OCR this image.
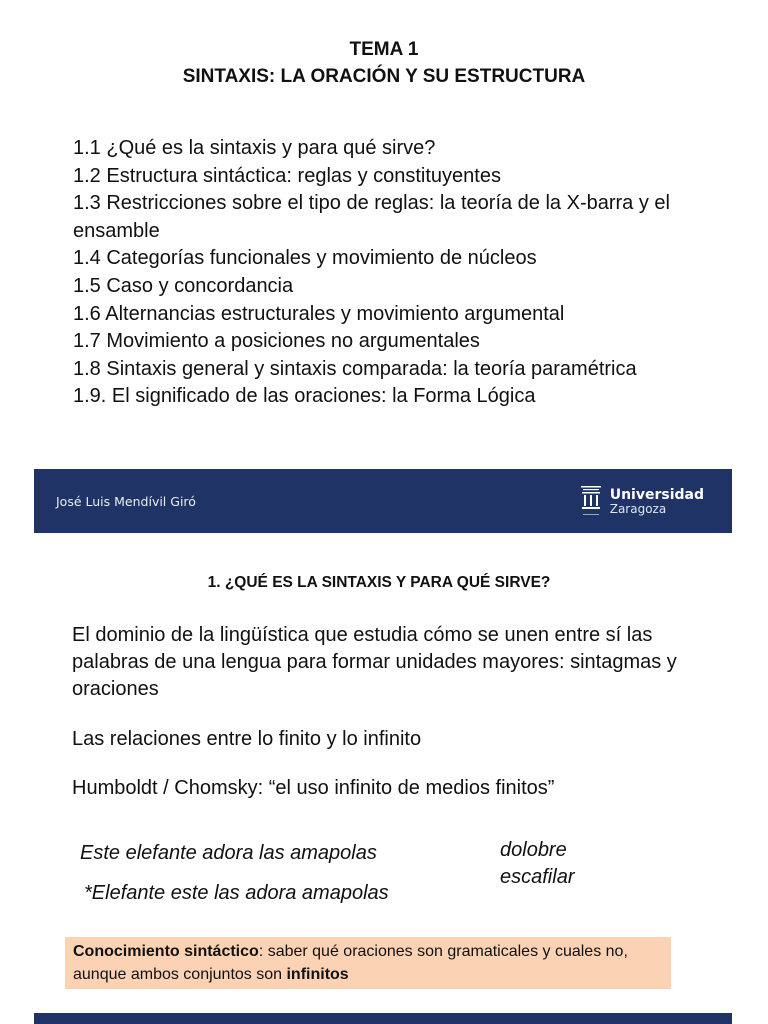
TEMA 1
SINTAXIS: LA ORACIÓN Y SU ESTRUCTURA
1.1 ¿Qué es la sintaxis y para qué sirve?
1.2 Estructura sintáctica: reglas y constituyentes
1.3 Restricciones sobre el tipo de reglas: la teoría de la X-barra y el ensamble
1.4 Categorías funcionales y movimiento de núcleos
1.5 Caso y concordancia
1.6 Alternancias estructurales y movimiento argumental
1.7 Movimiento a posiciones no argumentales
1.8 Sintaxis general y sintaxis comparada: la teoría paramétrica
1.9. El significado de las oraciones: la Forma Lógica
José Luis Mendívil Giró	Universidad
Zaragoza
1. ¿QUÉ ES LA SINTAXIS Y PARA QUÉ SIRVE?

El dominio de la lingüística que estudia cómo se unen entre sí las palabras de una lengua para formar unidades mayores: sintagmas y oraciones

Las relaciones entre lo finito y lo infinito

Humboldt / Chomsky: “el uso infinito de medios finitos”

Este elefante adora las amapolas

*Elefante este las adora amapolas

dolobre

escafilar

Conocimiento sintáctico: saber qué oraciones son gramaticales y cuales no, aunque ambos conjuntos son infinitos
